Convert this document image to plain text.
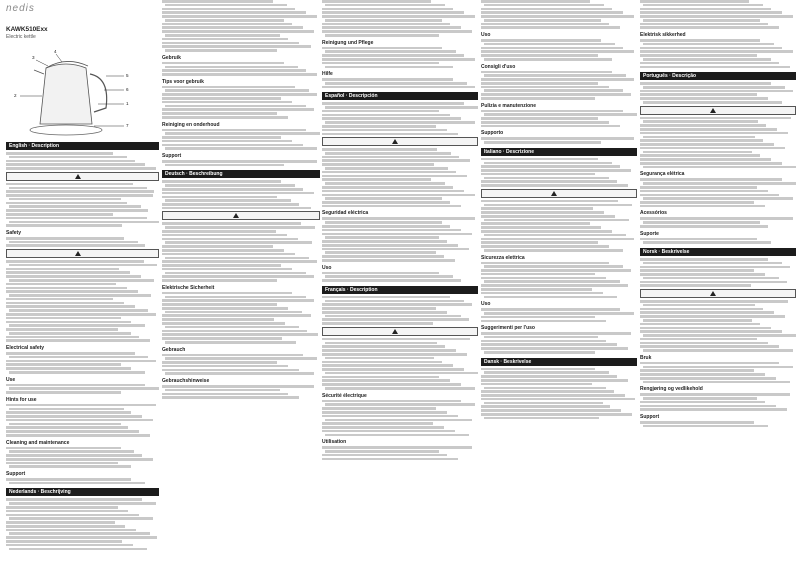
nedis
KAWK510Exx
Electric kettle
3
4
5
6
1
2
7
English · Description
Safety
Electrical safety
Use
Hints for use
Cleaning and maintenance
Support
Nederlands · Beschrijving
Gebruik
Tips voor gebruik
Reiniging en onderhoud
Support
Deutsch · Beschreibung
Elektrische Sicherheit
Gebrauch
Gebrauchshinweise
Reinigung und Pflege
Hilfe
Español · Descripción
Seguridad eléctrica
Uso
Français · Description
Sécurité électrique
Utilisation
Uso
Consigli d'uso
Pulizia e manutenzione
Supporto
Italiano · Descrizione
Sicurezza elettrica
Uso
Suggerimenti per l'uso
Dansk · Beskrivelse
Elektrisk sikkerhed
Português · Descrição
Segurança elétrica
Acessórios
Suporte
Norsk · Beskrivelse
Bruk
Rengjøring og vedlikehold
Support
